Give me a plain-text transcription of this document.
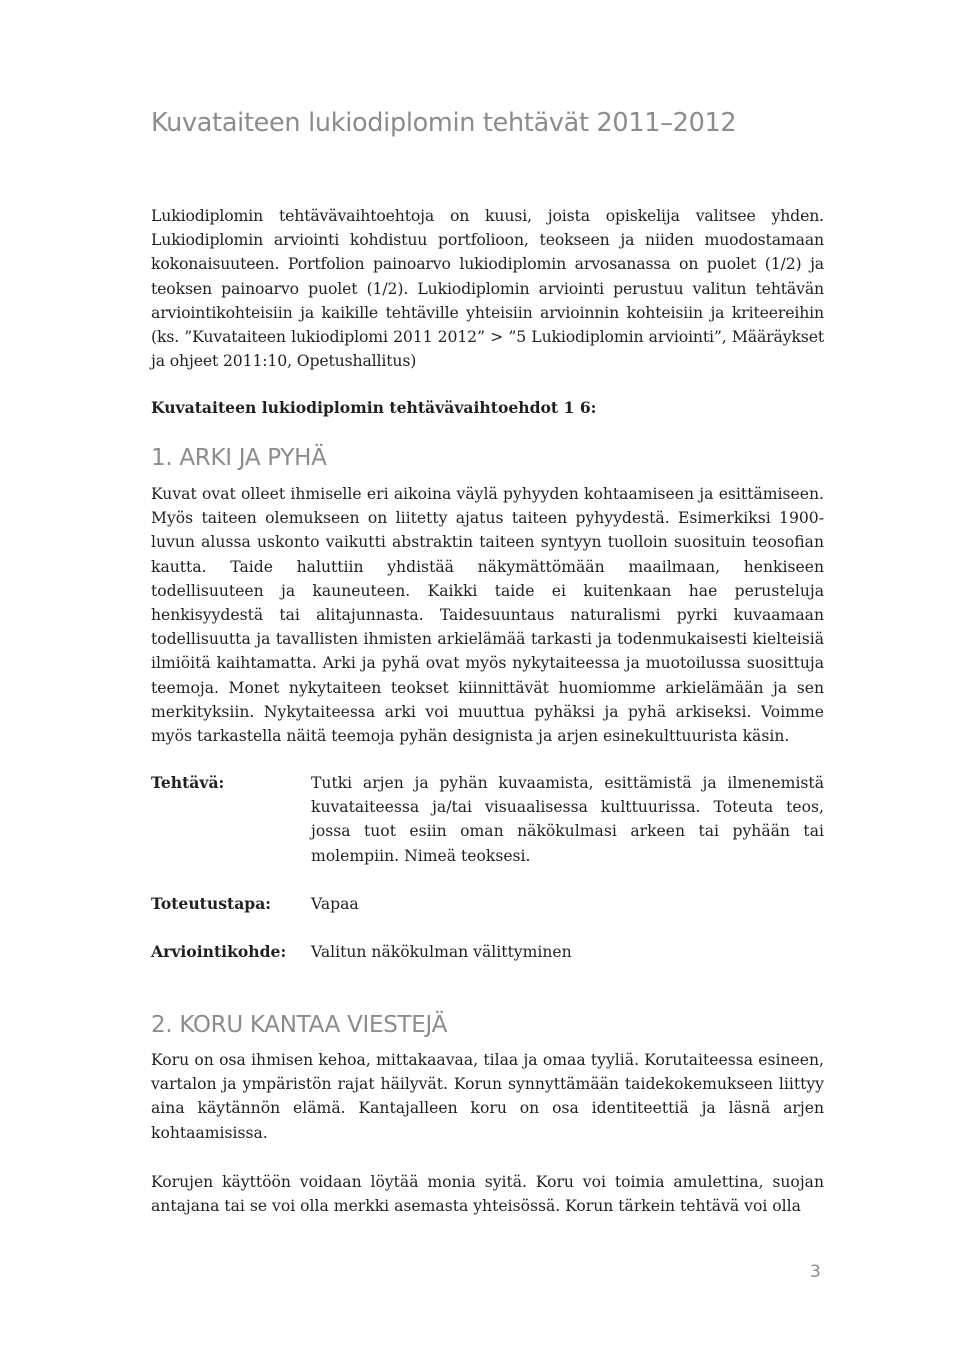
Kuvataiteen lukiodiplomin tehtävät 2011–2012

Lukiodiplomin tehtävävaihtoehtoja on kuusi, joista opiskelija valitsee yhden. Lukiodiplomin arviointi kohdistuu portfolioon, teokseen ja niiden muodostamaan kokonaisuuteen. Portfolion painoarvo lukiodiplomin arvosanassa on puolet (1/2) ja teoksen painoarvo puolet (1/2). Lukiodiplomin arviointi perustuu valitun tehtävän arviointikohteisiin ja kaikille tehtäville yhteisiin arvioinnin kohteisiin ja kriteereihin (ks. ”Kuvataiteen lukiodiplomi 2011 2012” > ”5 Lukiodiplomin arviointi”, Määräykset ja ohjeet 2011:10, Opetushallitus)

Kuvataiteen lukiodiplomin tehtävävaihtoehdot 1 6:

1. ARKI JA PYHÄ

Kuvat ovat olleet ihmiselle eri aikoina väylä pyhyyden kohtaamiseen ja esittämiseen. Myös taiteen olemukseen on liitetty ajatus taiteen pyhyydestä. Esimerkiksi 1900-luvun alussa uskonto vaikutti abstraktin taiteen syntyyn tuolloin suosituin teosofian kautta. Taide haluttiin yhdistää näkymättömään maailmaan, henkiseen todellisuuteen ja kauneuteen. Kaikki taide ei kuitenkaan hae perusteluja henkisyydestä tai alitajunnasta. Taidesuuntaus naturalismi pyrki kuvaamaan todellisuutta ja tavallisten ihmisten arkielämää tarkasti ja todenmukaisesti kielteisiä ilmiöitä kaihtamatta. Arki ja pyhä ovat myös nykytaiteessa ja muotoilussa suosittuja teemoja. Monet nykytaiteen teokset kiinnittävät huomiomme arkielämään ja sen merkityksiin. Nykytaiteessa arki voi muuttua pyhäksi ja pyhä arkiseksi. Voimme myös tarkastella näitä teemoja pyhän designista ja arjen esinekulttuurista käsin.

Tehtävä:	Tutki arjen ja pyhän kuvaamista, esittämistä ja ilmenemistä kuvataiteessa ja/tai visuaalisessa kulttuurissa. Toteuta teos, jossa tuot esiin oman näkökulmasi arkeen tai pyhään tai molempiin. Nimeä teoksesi.
Toteutustapa:	Vapaa
Arviointikohde: Valitun näkökulman välittyminen
2. KORU KANTAA VIESTEJÄ

Koru on osa ihmisen kehoa, mittakaavaa, tilaa ja omaa tyyliä. Korutaiteessa esineen, vartalon ja ympäristön rajat häilyvät. Korun synnyttämään taidekokemukseen liittyy aina käytännön elämä. Kantajalleen koru on osa identiteettiä ja läsnä arjen kohtaamisissa.

Korujen käyttöön voidaan löytää monia syitä. Koru voi toimia amulettina, suojan antajana tai se voi olla merkki asemasta yhteisössä. Korun tärkein tehtävä voi olla

3
